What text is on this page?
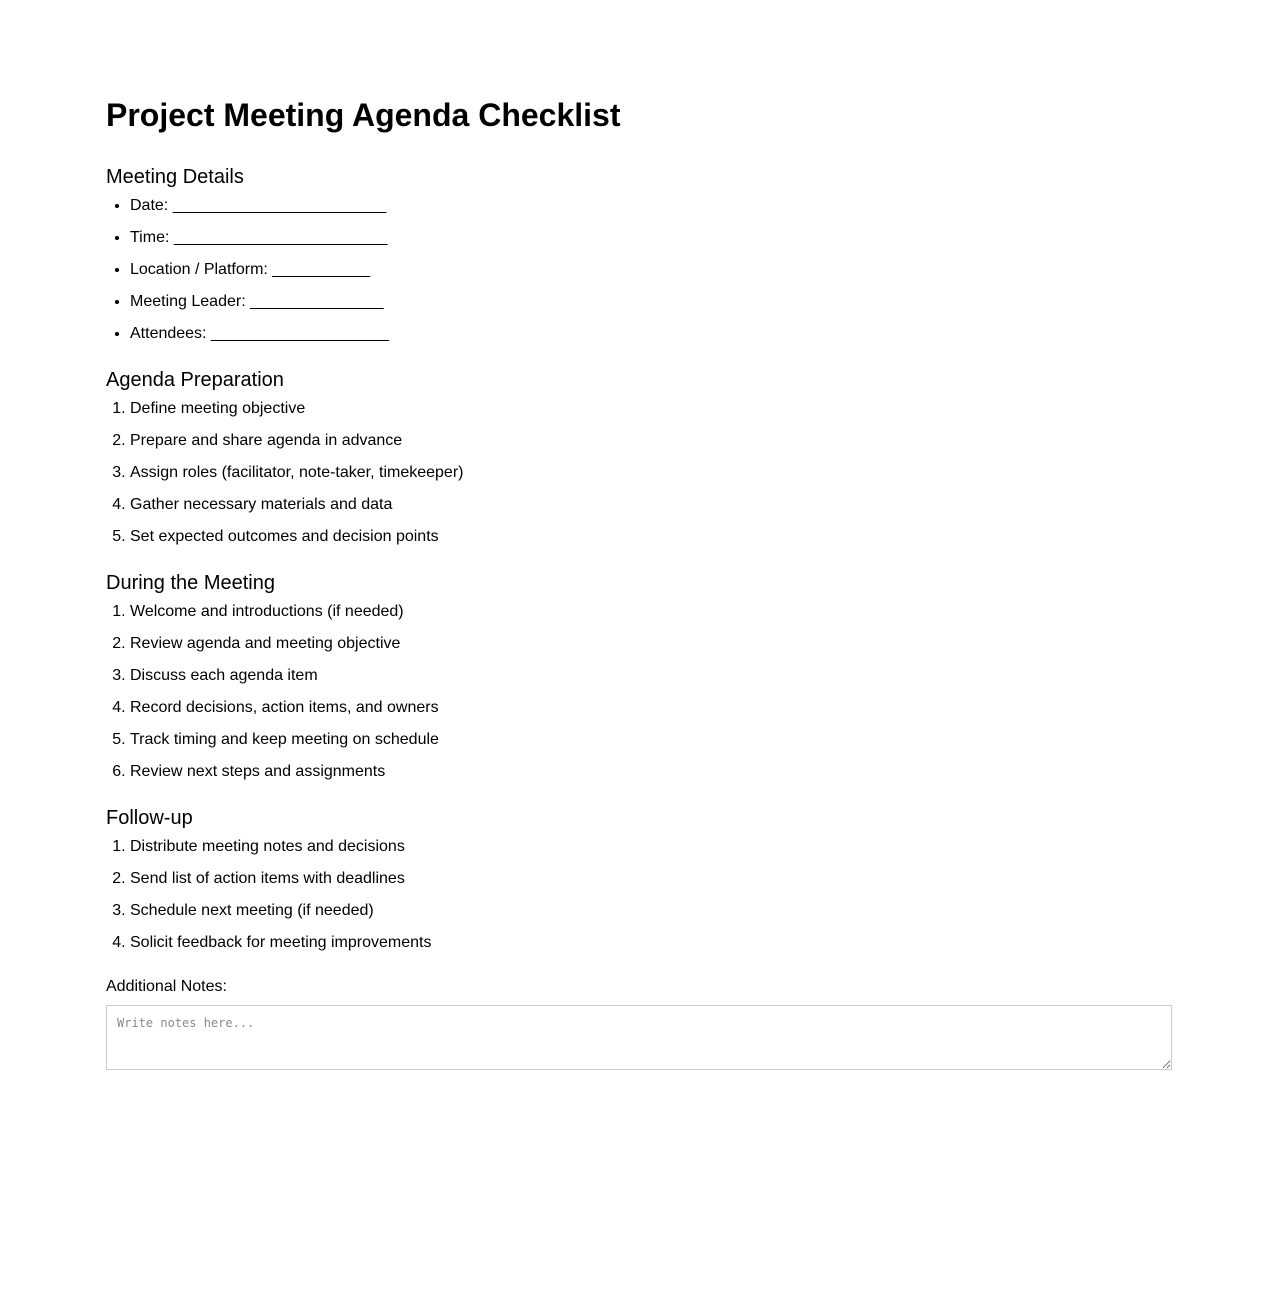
Project Meeting Agenda Checklist
Meeting Details
• Date: ________________________
• Time: ________________________
• Location / Platform: ___________
• Meeting Leader: _______________
• Attendees: ____________________
Agenda Preparation
1. Define meeting objective
2. Prepare and share agenda in advance
3. Assign roles (facilitator, note-taker, timekeeper)
4. Gather necessary materials and data
5. Set expected outcomes and decision points
During the Meeting
1. Welcome and introductions (if needed)
2. Review agenda and meeting objective
3. Discuss each agenda item
4. Record decisions, action items, and owners
5. Track timing and keep meeting on schedule
6. Review next steps and assignments
Follow-up
1. Distribute meeting notes and decisions
2. Send list of action items with deadlines
3. Schedule next meeting (if needed)
4. Solicit feedback for meeting improvements
Additional Notes:
Write notes here...
